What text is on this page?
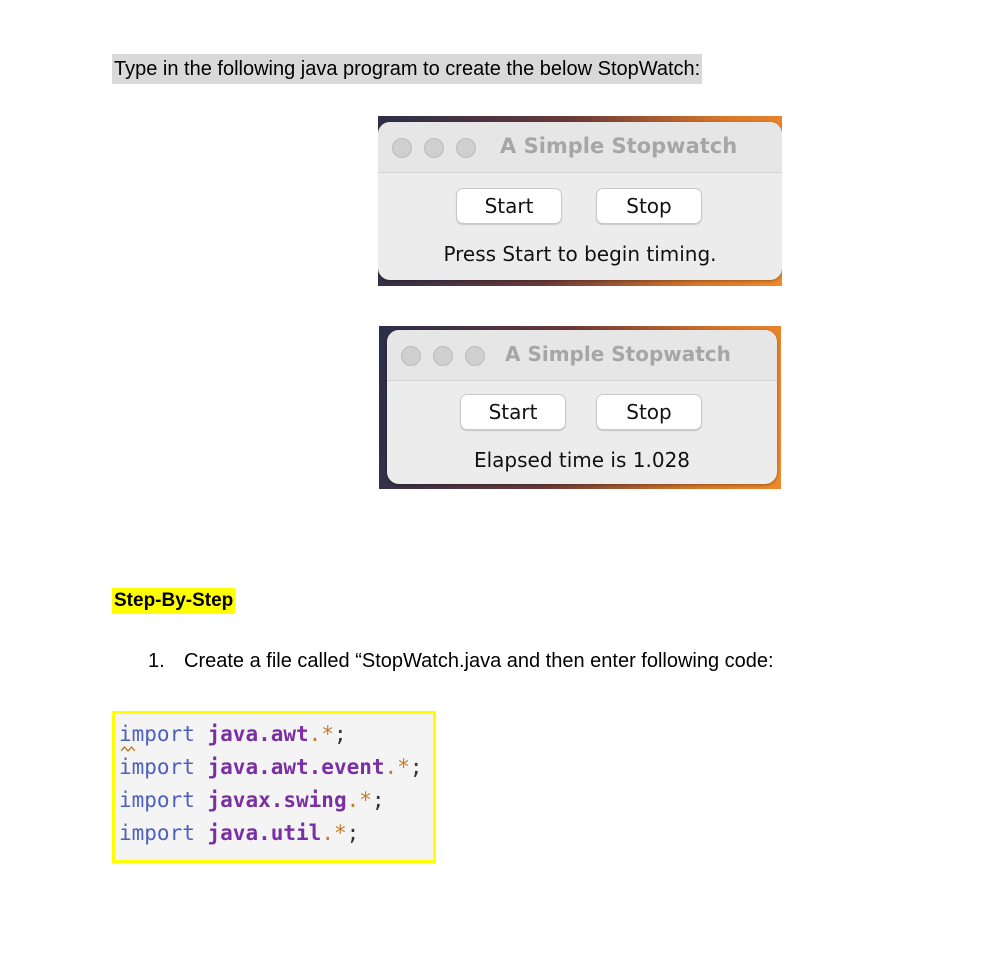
Type in the following java program to create the below StopWatch:
A Simple Stopwatch
Start	Stop
Press Start to begin timing.
A Simple Stopwatch
Start	Stop
Elapsed time is 1.028
Step-By-Step
1. Create a file called “StopWatch.java and then enter following code:
import java.awt.*;
import java.awt.event.*;
import javax.swing.*;
import java.util.*;
